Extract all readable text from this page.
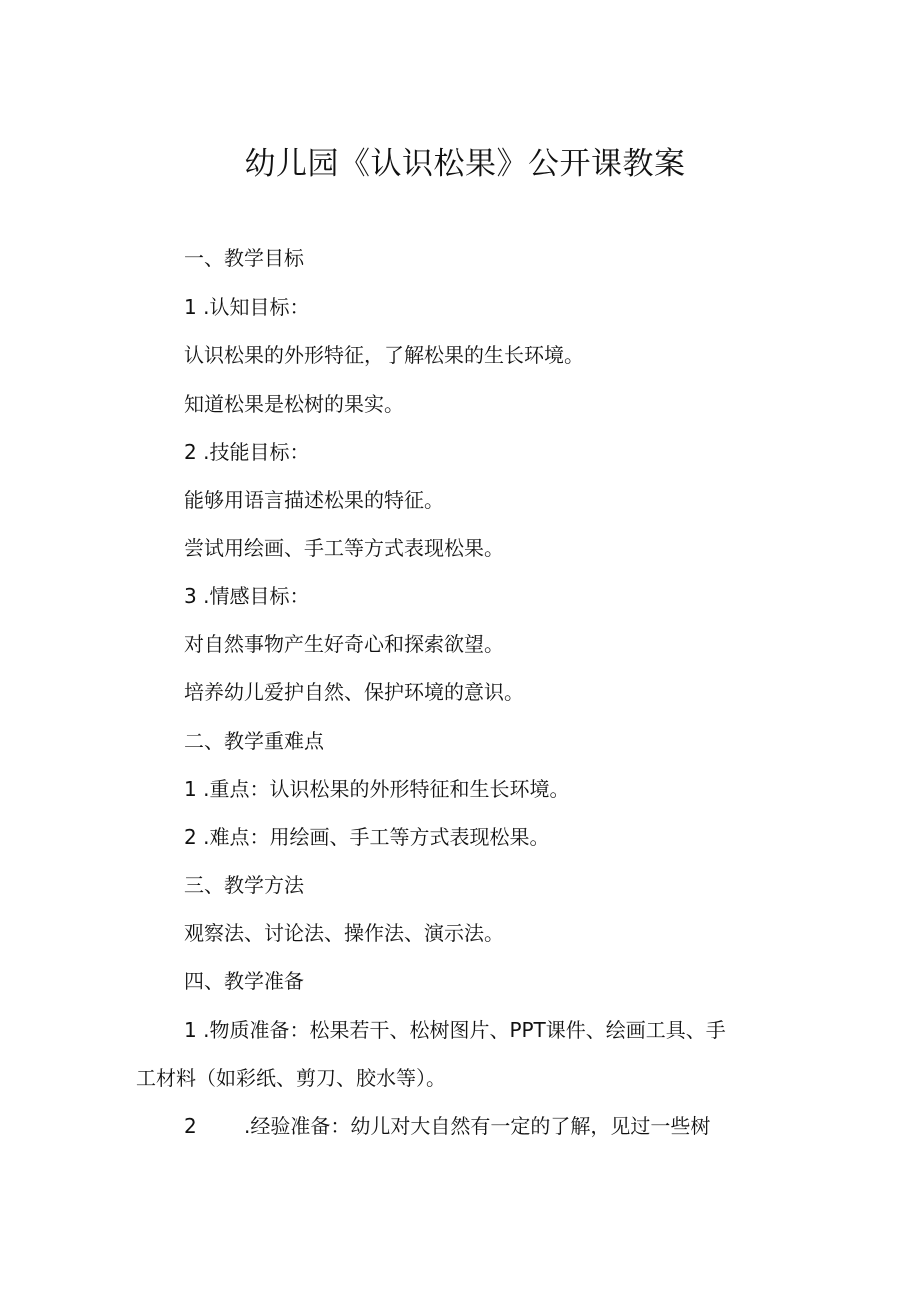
幼儿园《认识松果》公开课教案

一、教学目标

1 .认知目标：

认识松果的外形特征，了解松果的生长环境。

知道松果是松树的果实。

2 .技能目标：

能够用语言描述松果的特征。

尝试用绘画、手工等方式表现松果。

3 .情感目标：

对自然事物产生好奇心和探索欲望。

培养幼儿爱护自然、保护环境的意识。

二、教学重难点

1 .重点：认识松果的外形特征和生长环境。

2 .难点：用绘画、手工等方式表现松果。

三、教学方法

观察法、讨论法、操作法、演示法。

四、教学准备

1 .物质准备：松果若干、松树图片、PPT课件、绘画工具、手

工材料（如彩纸、剪刀、胶水等）。

2 .经验准备：幼儿对大自然有一定的了解，见过一些树
